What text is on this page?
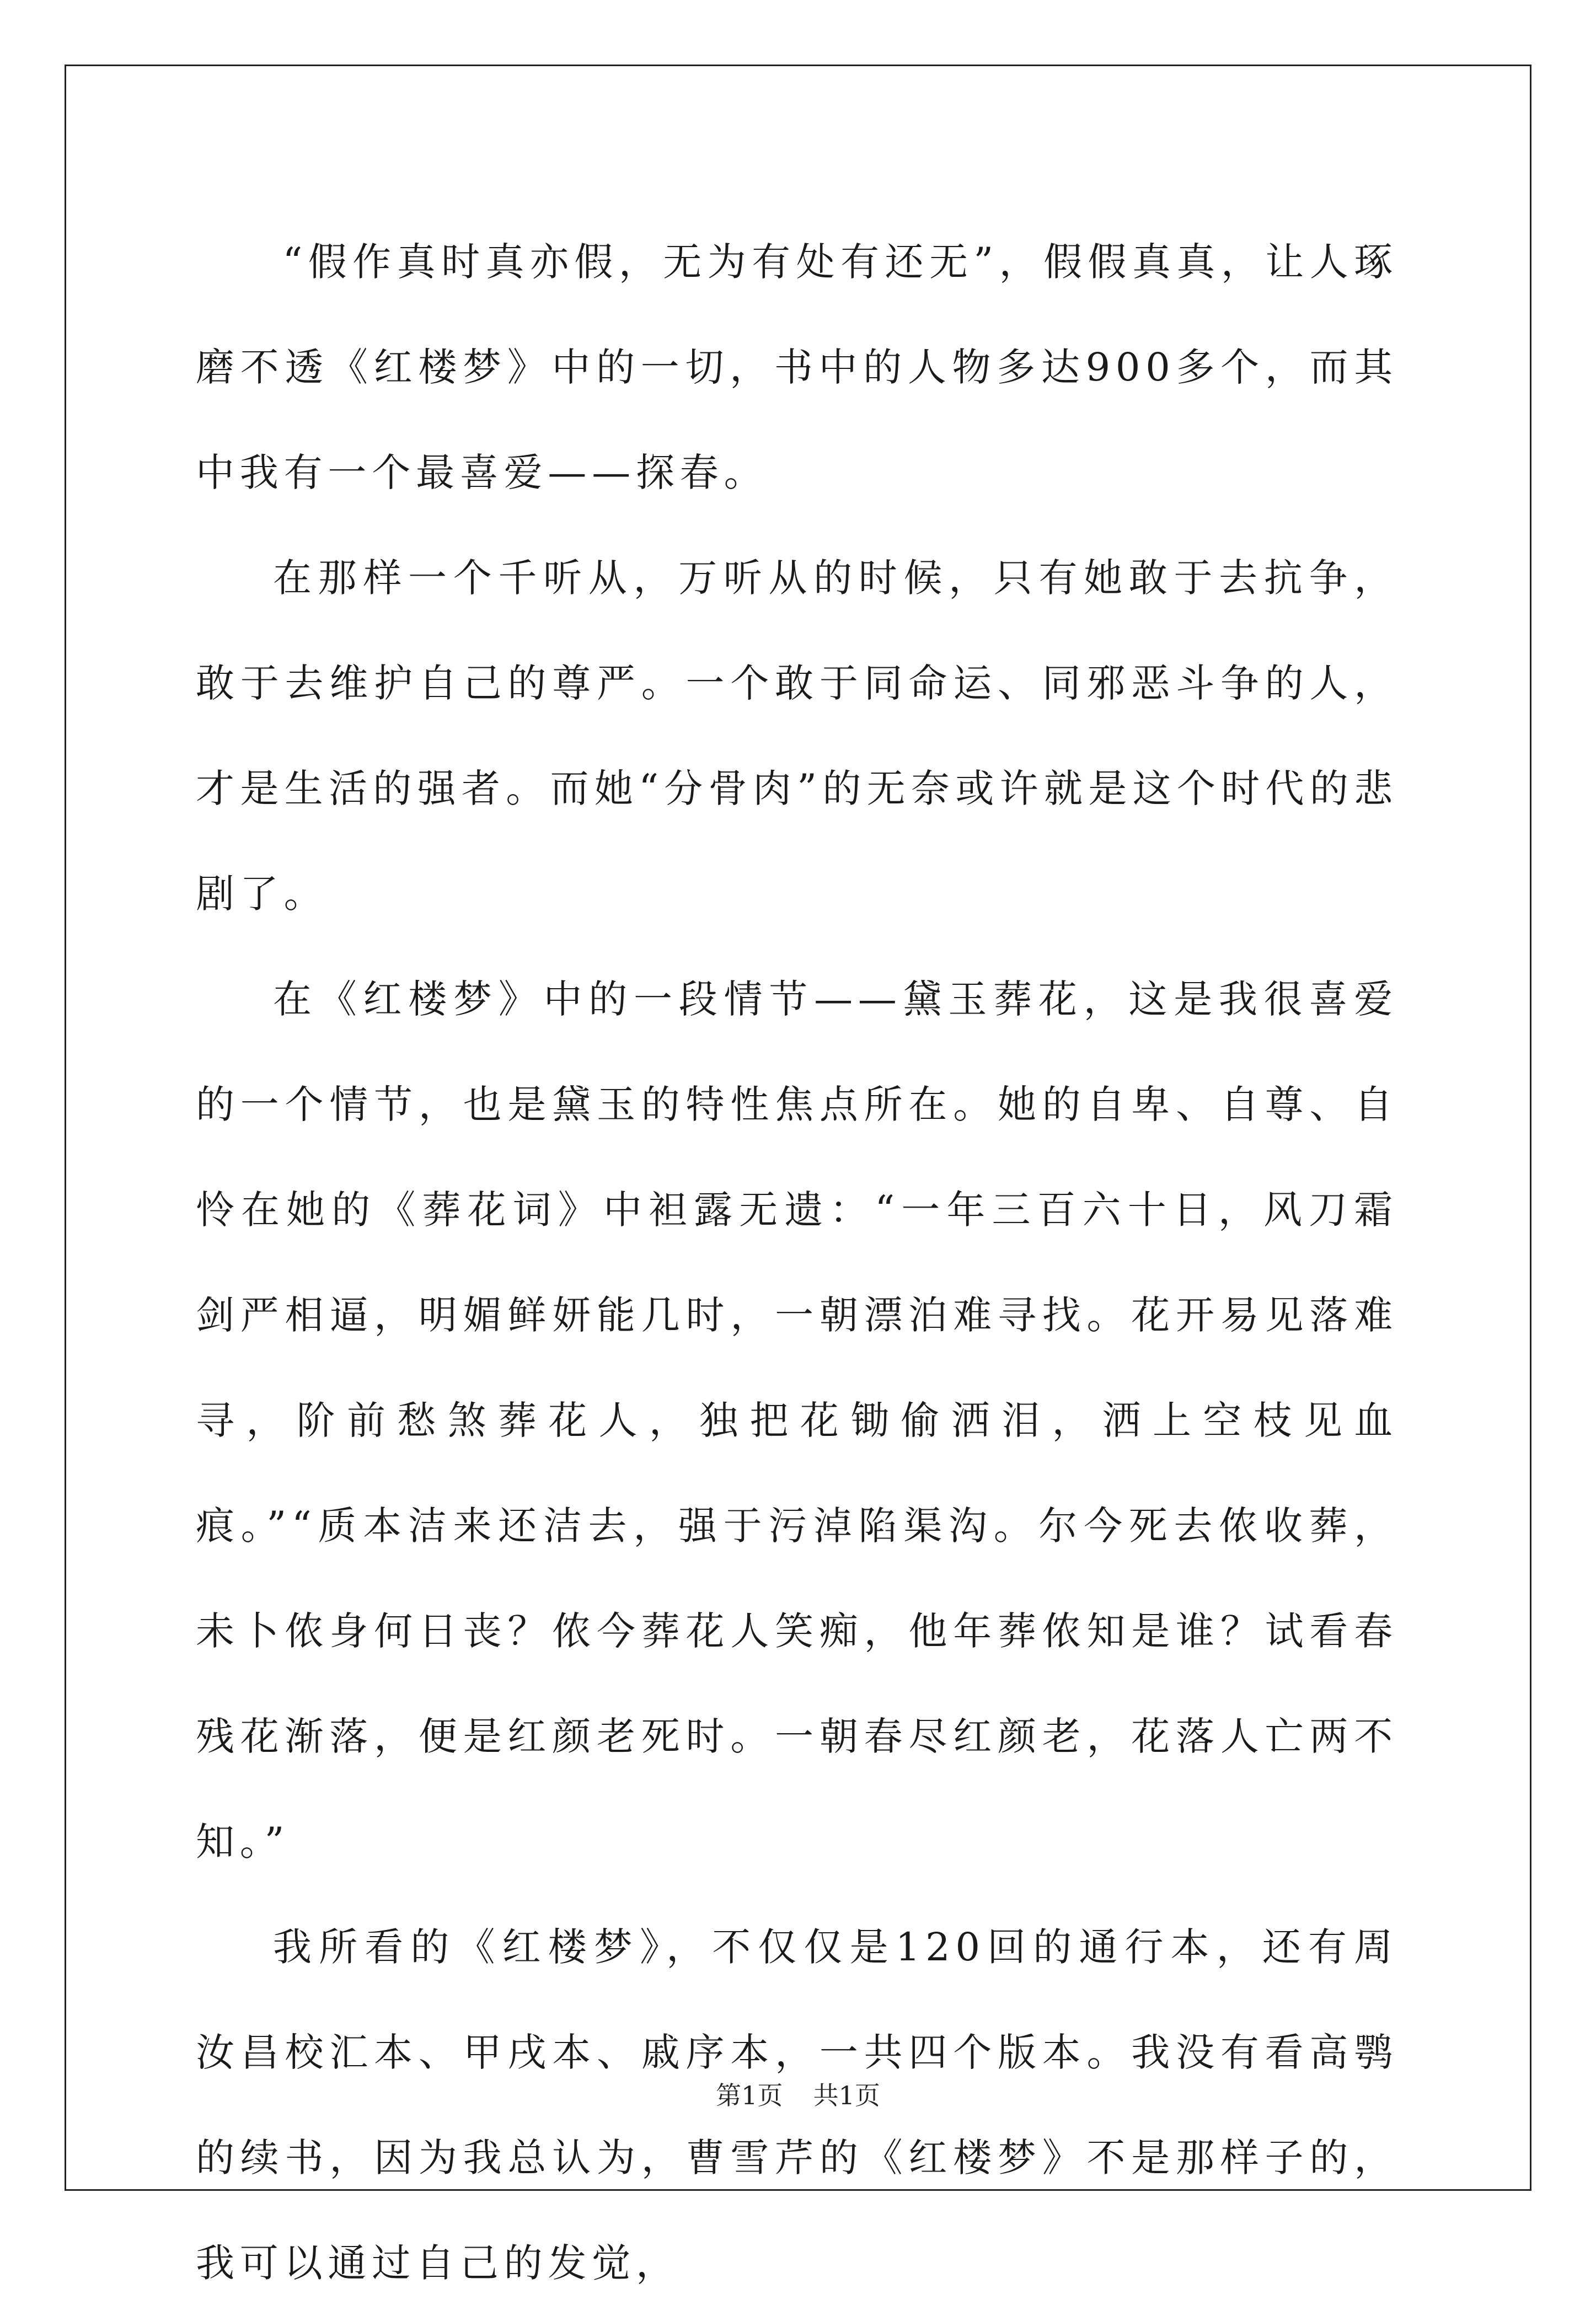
“假作真时真亦假，无为有处有还无”，假假真真，让人琢磨不透《红楼梦》中的一切，书中的人物多达900多个，而其中我有一个最喜爱——探春。

在那样一个千听从，万听从的时候，只有她敢于去抗争，敢于去维护自己的尊严。一个敢于同命运、同邪恶斗争的人，才是生活的强者。而她“分骨肉”的无奈或许就是这个时代的悲剧了。

在《红楼梦》中的一段情节——黛玉葬花，这是我很喜爱的一个情节，也是黛玉的特性焦点所在。她的自卑、自尊、自怜在她的《葬花词》中袒露无遗：“一年三百六十日，风刀霜剑严相逼，明媚鲜妍能几时，一朝漂泊难寻找。花开易见落难寻，阶前愁煞葬花人，独把花锄偷洒泪，洒上空枝见血痕。”“质本洁来还洁去，强于污淖陷渠沟。尔今死去侬收葬，未卜侬身何日丧？侬今葬花人笑痴，他年葬侬知是谁？试看春残花渐落，便是红颜老死时。一朝春尽红颜老，花落人亡两不知。”

我所看的《红楼梦》，不仅仅是120回的通行本，还有周汝昌校汇本、甲戌本、戚序本，一共四个版本。我没有看高鹗的续书，因为我总认为，曹雪芹的《红楼梦》不是那样子的，我可以通过自己的发觉，

第1页 共1页
